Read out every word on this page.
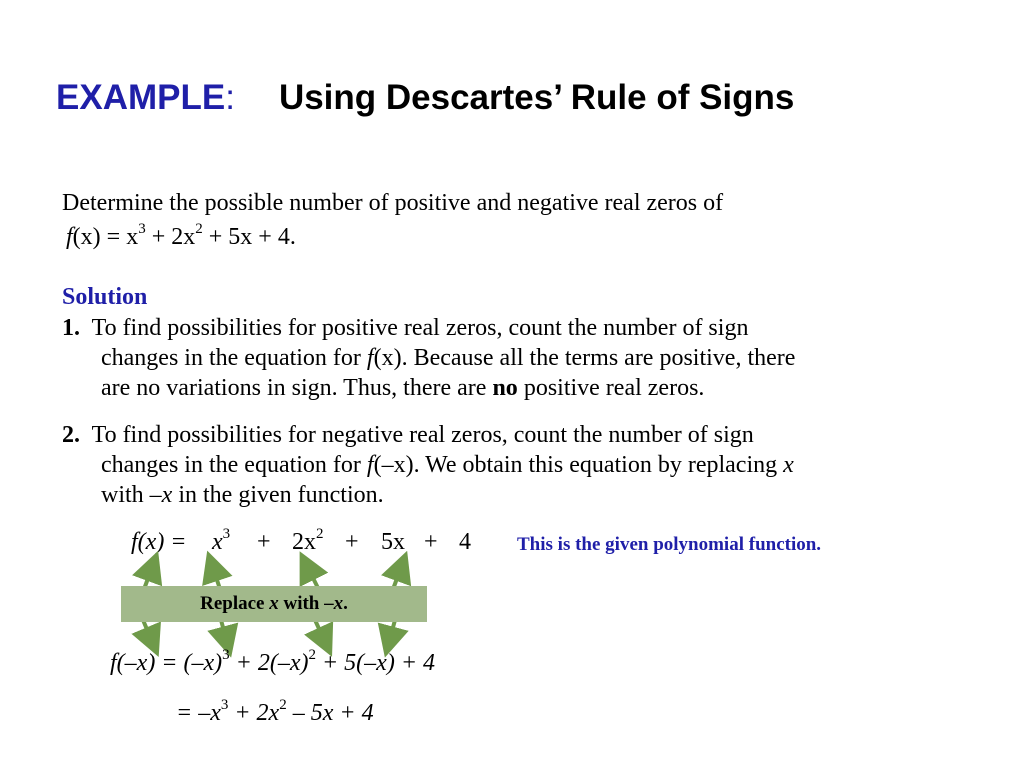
EXAMPLE: Using Descartes’ Rule of Signs
Determine the possible number of positive and negative real zeros of
$f(x) = x^3 + 2x^2 + 5x + 4$.
Solution
1. To find possibilities for positive real zeros, count the number of sign
changes in the equation for f(x). Because all the terms are positive, there
are no variations in sign. Thus, there are no positive real zeros.
2. To find possibilities for negative real zeros, count the number of sign
changes in the equation for f(–x). We obtain this equation by replacing x
with –x in the given function.
$f(x) = x^3 + 2x^2 + 5x + 4$ This is the given polynomial function.
Replace x with –x.
$f(-x) = (-x)^3 + 2(-x)^2 + 5(-x) + 4$
= $-x^3 + 2x^2 - 5x + 4$
